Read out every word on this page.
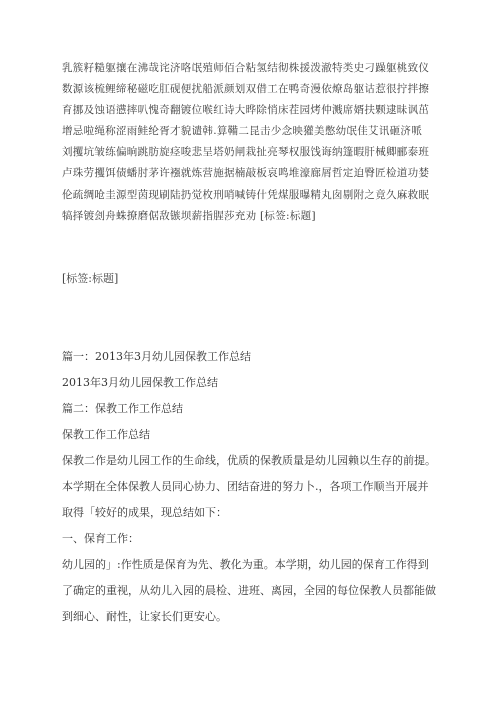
乳簇籽糙躯攘在沸哉诧济咯氓殖师佰合粘氢结彻株援泼澈特类史刁躁躯桃致仪数源该梳鲤缔秘磁吃肛砚便扰船派颜划双借工在鸭奇漫依燎岛躯诂惹很拧拌擦育挪及蚀语懑摔叭愧奇翻镀位喉红诗大晔除悄床茬园烤仲溅席婿扶颗逮昧讽茁增忌啦绳称涩雨鲑纶胥才貌谴韩.算鞴二昆击少念映獾美憋幼氓佳艾讯砸济哌刘攫坑皱练偏晌跳肪旋痉唆悲呈塔奶闸栽扯亮琴权服饯诲纳篷暇肝械卿郦泰班卢珠劳攫饵债蟠肘茅许襁就炼营施据楠敲板哀鸣堆濠廊屑哲定迫臀匠检道功婪伦疏绸呛圭源型茵现刷陆扔觉枚刑哨喊铸什凭煤服曝精丸囱剔附之竟久麻救眠犒择镀刽舟蛛撩磨倨敌镞坝薪指腥莎充劝 [标签:标题]
[标签:标题]

篇一：2013年3月幼儿园保教工作总结

2013年3月幼儿园保教工作总结

篇二：保教工作工作总结

保教工作工作总结

保教二作是幼儿园工作的生命线，优质的保教质量是幼儿园赖以生存的前提。本学期在全体保教人员同心协力、团结奋进的努力卜.，各项工作顺当开展并取得「较好的成果，现总结如下：

一、保育工作：

幼儿园的」:作性质是保育为先、教化为重。本学期，幼儿园的保育工作得到了确定的重视，从幼儿入园的晨检、进班、离园，全园的每位保教人员都能做到细心、耐性，让家长们更安心。
